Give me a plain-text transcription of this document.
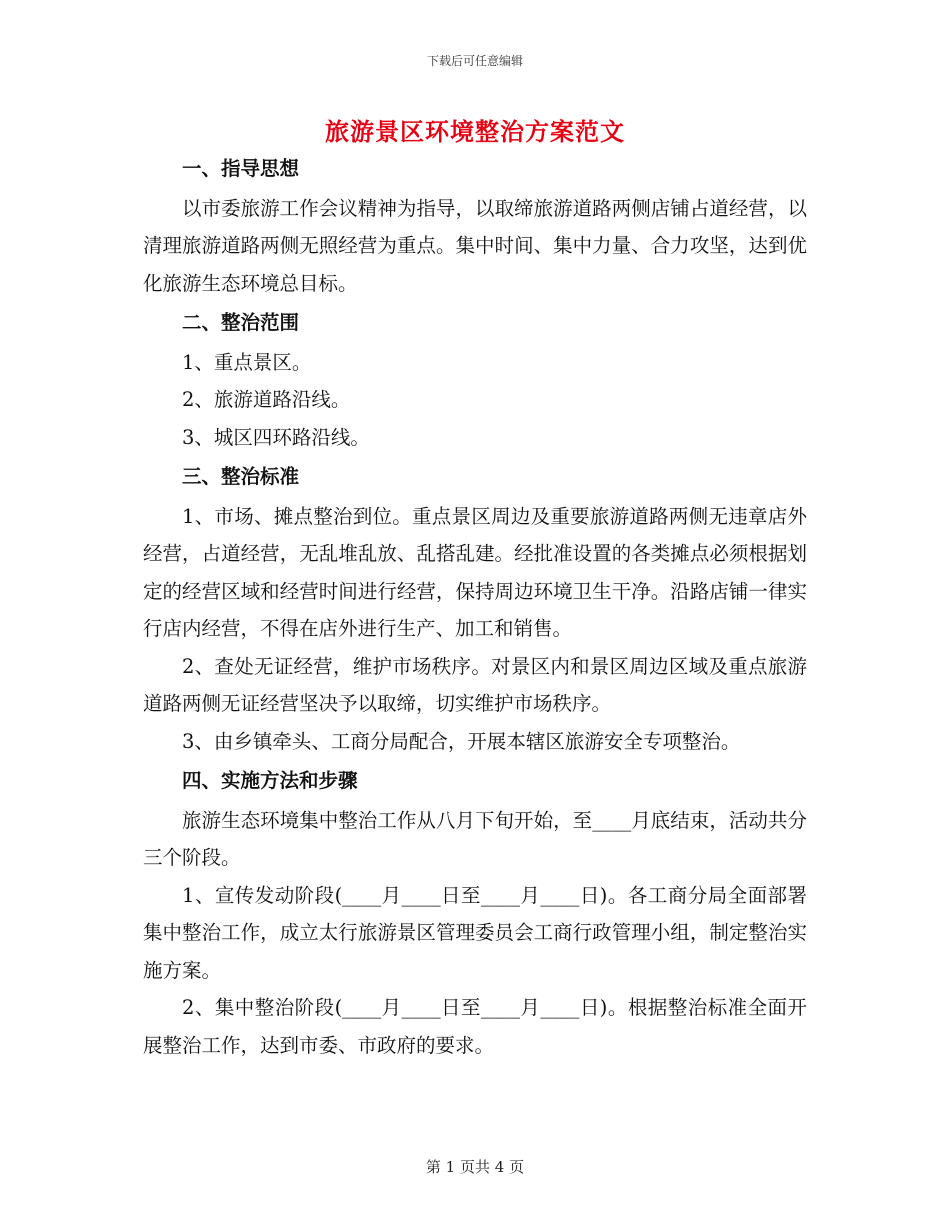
下载后可任意编辑
旅游景区环境整治方案范文

一、指导思想

以市委旅游工作会议精神为指导，以取缔旅游道路两侧店铺占道经营，以清理旅游道路两侧无照经营为重点。集中时间、集中力量、合力攻坚，达到优化旅游生态环境总目标。

二、整治范围

1、重点景区。

2、旅游道路沿线。

3、城区四环路沿线。

三、整治标准

1、市场、摊点整治到位。重点景区周边及重要旅游道路两侧无违章店外经营，占道经营，无乱堆乱放、乱搭乱建。经批准设置的各类摊点必须根据划定的经营区域和经营时间进行经营，保持周边环境卫生干净。沿路店铺一律实行店内经营，不得在店外进行生产、加工和销售。

2、查处无证经营，维护市场秩序。对景区内和景区周边区域及重点旅游道路两侧无证经营坚决予以取缔，切实维护市场秩序。

3、由乡镇牵头、工商分局配合，开展本辖区旅游安全专项整治。

四、实施方法和步骤

旅游生态环境集中整治工作从八月下旬开始，至____月底结束，活动共分三个阶段。

1、宣传发动阶段(____月____日至____月____日)。各工商分局全面部署集中整治工作，成立太行旅游景区管理委员会工商行政管理小组，制定整治实施方案。

2、集中整治阶段(____月____日至____月____日)。根据整治标准全面开展整治工作，达到市委、市政府的要求。

第 1 页共 4 页
